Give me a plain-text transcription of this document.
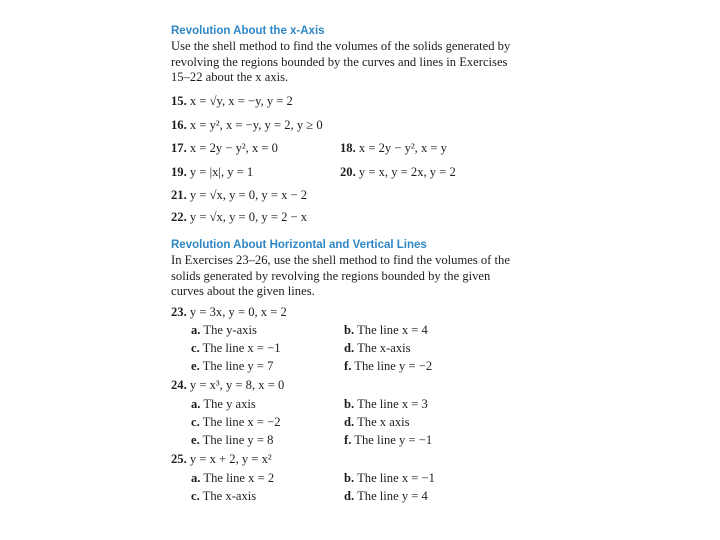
Revolution About the x-Axis

Use the shell method to find the volumes of the solids generated by revolving the regions bounded by the curves and lines in Exercises 15–22 about the x axis.

15. x = √y, x = −y, y = 2
16. x = y², x = −y, y = 2, y ≥ 0
17. x = 2y − y², x = 0	18. x = 2y − y², x = y
19. y = |x|, y = 1	20. y = x, y = 2x, y = 2
21. y = √x, y = 0, y = x − 2
22. y = √x, y = 0, y = 2 − x
Revolution About Horizontal and Vertical Lines

In Exercises 23–26, use the shell method to find the volumes of the solids generated by revolving the regions bounded by the given curves about the given lines.

23. y = 3x, y = 0, x = 2
a. The y-axis	b. The line x = 4
c. The line x = −1	d. The x-axis
e. The line y = 7	f. The line y = −2
24. y = x³, y = 8, x = 0
a. The y axis	b. The line x = 3
c. The line x = −2	d. The x axis
e. The line y = 8	f. The line y = −1
25. y = x + 2, y = x²
a. The line x = 2	b. The line x = −1
c. The x-axis	d. The line y = 4
